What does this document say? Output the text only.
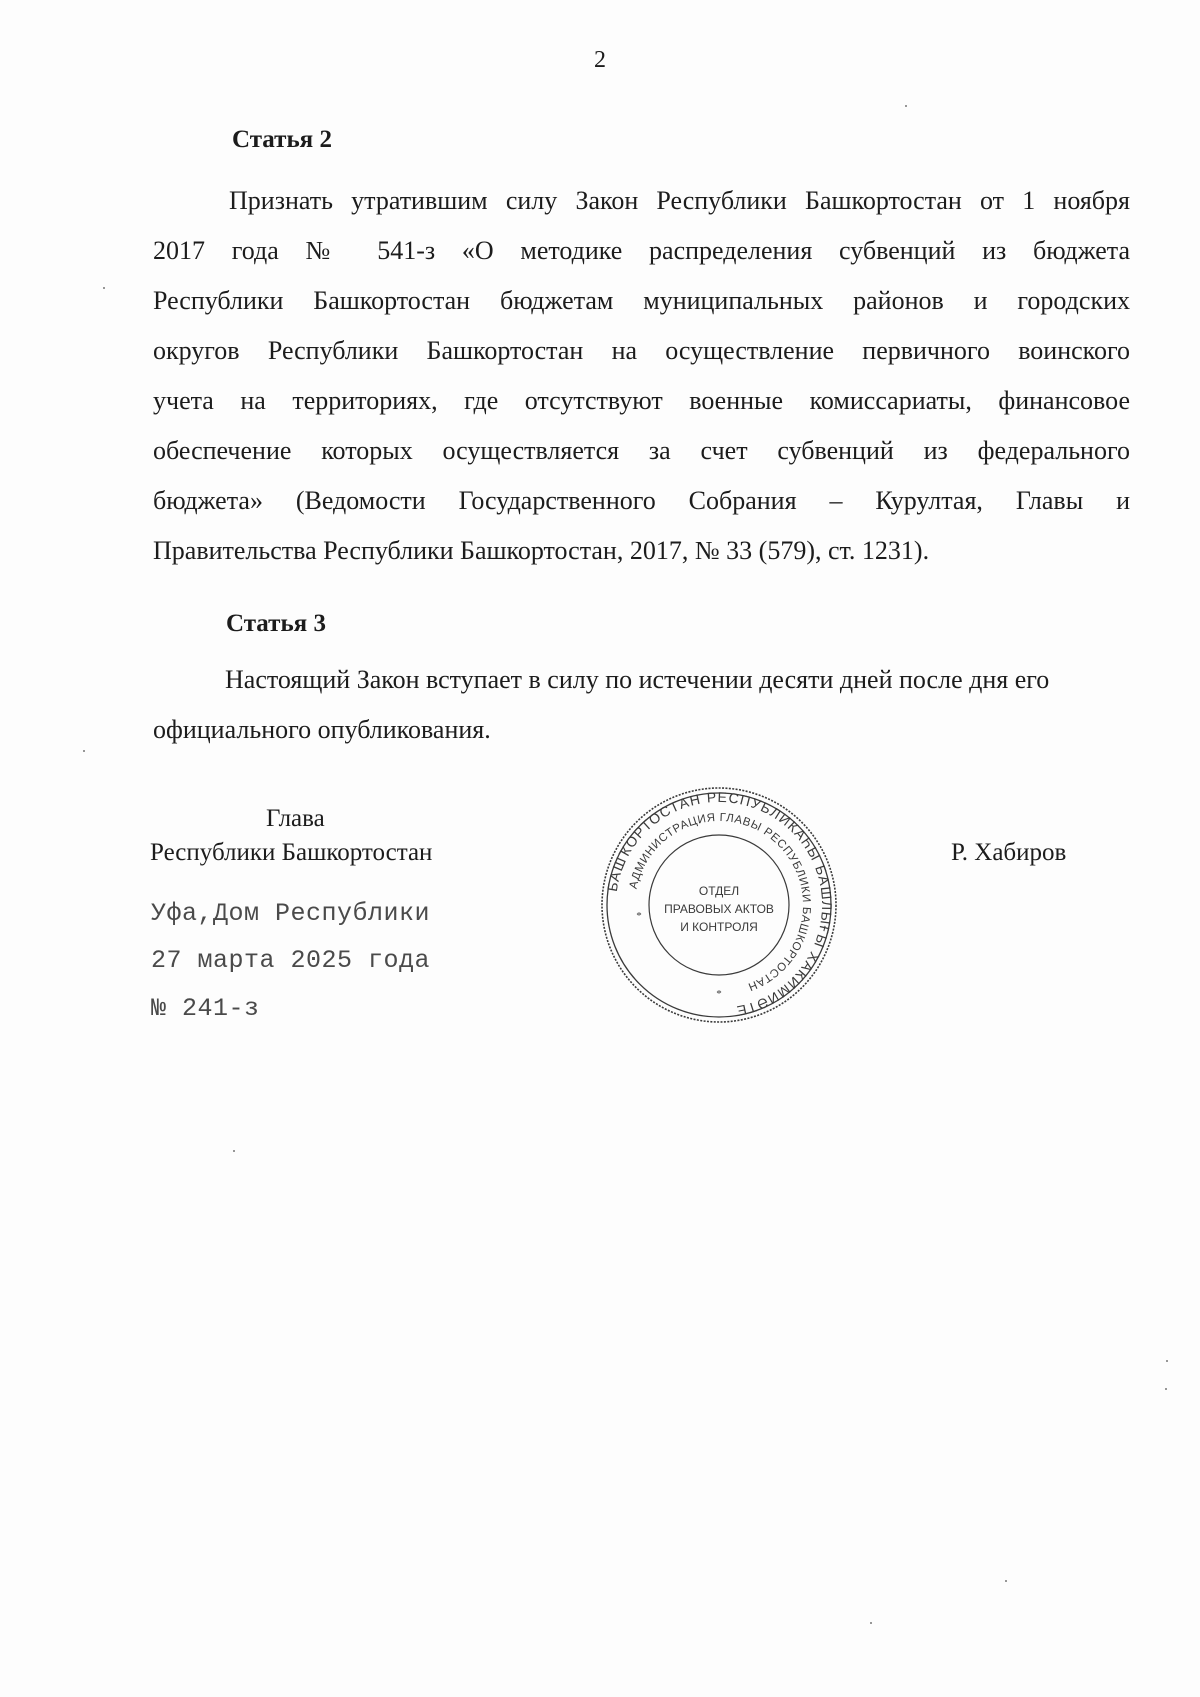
2
Статья 2
Признать утратившим силу Закон Республики Башкортостан от 1 ноября
2017 года № 541-з «О методике распределения субвенций из бюджета
Республики Башкортостан бюджетам муниципальных районов и городских
округов Республики Башкортостан на осуществление первичного воинского
учета на территориях, где отсутствуют военные комиссариаты, финансовое
обеспечение которых осуществляется за счет субвенций из федерального
бюджета» (Ведомости Государственного Собрания – Курултая, Главы и
Правительства Республики Башкортостан, 2017, № 33 (579), ст. 1231).
Статья 3
Настоящий Закон вступает в силу по истечении десяти дней после дня его
официального опубликования.
Глава
Республики Башкортостан	Р. Хабиров
Уфа,Дом Республики
27 марта 2025 года
№ 241-з
БАШҠОРТОСТАН РЕСПУБЛИКАҺЫ БАШЛЫҒЫ ХАКИМИӘТЕ
АДМИНИСТРАЦИЯ ГЛАВЫ РЕСПУБЛИКИ БАШКОРТОСТАН
ОТДЕЛ
ПРАВОВЫХ АКТОВ
И КОНТРОЛЯ
*
*
